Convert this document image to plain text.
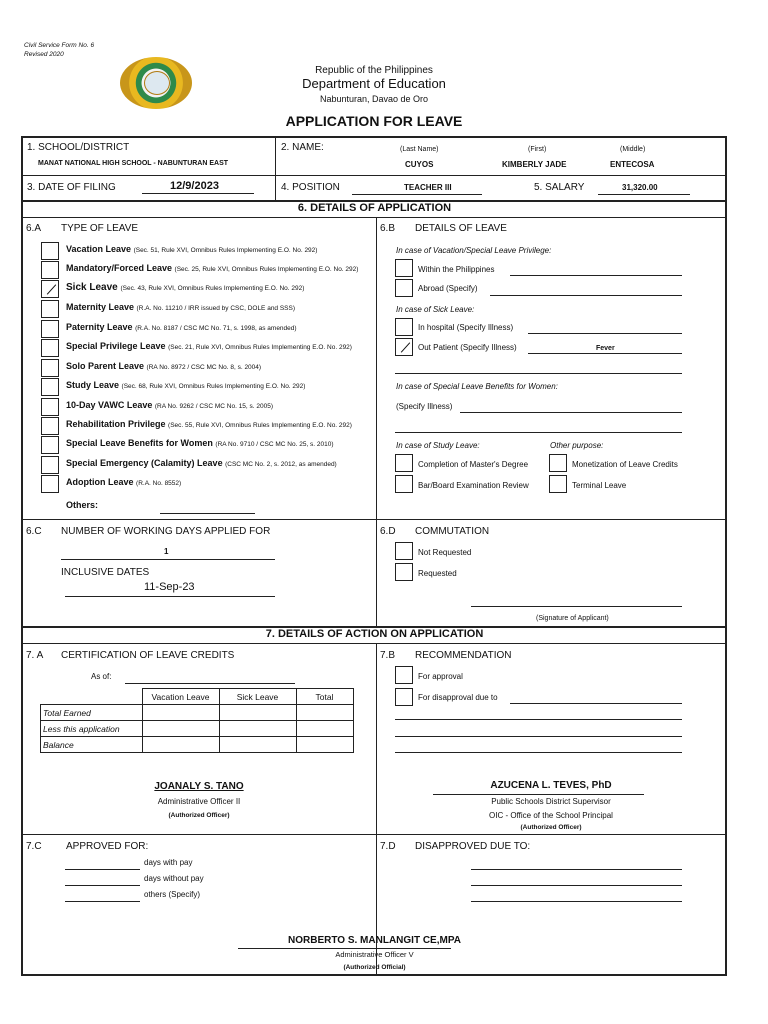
Civil Service Form No. 6
Revised 2020
Republic of the Philippines
Department of Education
Nabunturan, Davao de Oro
APPLICATION FOR LEAVE
1. SCHOOL/DISTRICT
MANAT NATIONAL HIGH SCHOOL - NABUNTURAN EAST
2. NAME:	(Last Name)	(First)	(Middle)
CUYOS	KIMBERLY JADE	ENTECOSA
3. DATE OF FILING	12/9/2023	4. POSITION	TEACHER III	5. SALARY	31,320.00
6. DETAILS OF APPLICATION
6.A TYPE OF LEAVE
Vacation Leave (Sec. 51, Rule XVI, Omnibus Rules Implementing E.O. No. 292)
Mandatory/Forced Leave (Sec. 25, Rule XVI, Omnibus Rules Implementing E.O. No. 292)
Sick Leave (Sec. 43, Rule XVI, Omnibus Rules Implementing E.O. No. 292)
Maternity Leave (R.A. No. 11210 / IRR issued by CSC, DOLE and SSS)
Paternity Leave (R.A. No. 8187 / CSC MC No. 71, s. 1998, as amended)
Special Privilege Leave (Sec. 21, Rule XVI, Omnibus Rules Implementing E.O. No. 292)
Solo Parent Leave (RA No. 8972 / CSC MC No. 8, s. 2004)
Study Leave (Sec. 68, Rule XVI, Omnibus Rules Implementing E.O. No. 292)
10-Day VAWC Leave (RA No. 9262 / CSC MC No. 15, s. 2005)
Rehabilitation Privilege (Sec. 55, Rule XVI, Omnibus Rules Implementing E.O. No. 292)
Special Leave Benefits for Women (RA No. 9710 / CSC MC No. 25, s. 2010)
Special Emergency (Calamity) Leave (CSC MC No. 2, s. 2012, as amended)
Adoption Leave (R.A. No. 8552)
Others:
6.B DETAILS OF LEAVE
In case of Vacation/Special Leave Privilege:
Within the Philippines
Abroad (Specify)
In case of Sick Leave:
In hospital (Specify Illness)
Out Patient (Specify Illness)	Fever
In case of Special Leave Benefits for Women:
(Specify Illness)
In case of Study Leave:	Other purpose:
Completion of Master's Degree	Monetization of Leave Credits
Bar/Board Examination Review	Terminal Leave
6.C NUMBER OF WORKING DAYS APPLIED FOR
1
INCLUSIVE DATES
11-Sep-23
6.D COMMUTATION
Not Requested
Requested
(Signature of Applicant)
7. DETAILS OF ACTION ON APPLICATION
7. A CERTIFICATION OF LEAVE CREDITS
As of:
	Vacation Leave	Sick Leave	Total
Total Earned			
Less this application			
Balance			
JOANALY S. TANO
Administrative Officer II
(Authorized Officer)
7.B RECOMMENDATION
For approval
For disapproval due to
AZUCENA L. TEVES, PhD
Public Schools District Supervisor
OIC - Office of the School Principal
(Authorized Officer)
7.C APPROVED FOR:
days with pay
days without pay
others (Specify)
7.D DISAPPROVED DUE TO:
NORBERTO S. MANLANGIT CE,MPA
Administrative Officer V
(Authorized Official)
